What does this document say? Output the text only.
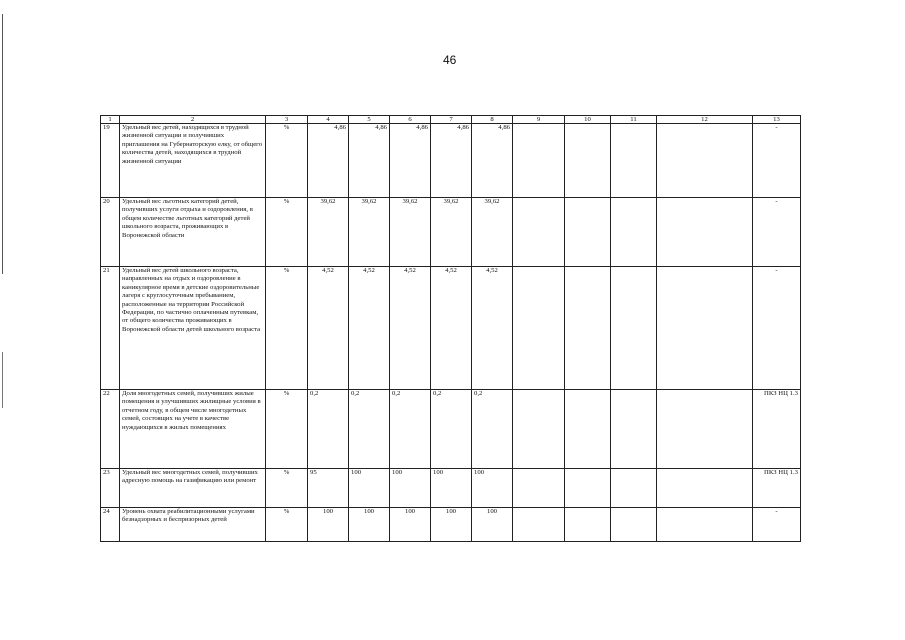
46
1	2	3	4	5	6	7	8	9	10	11	12	13
19	Удельный вес детей, находящихся в трудной жизненной ситуации и получивших приглашения на Губернаторскую елку, от общего количества детей, находящихся в трудной жизненной ситуации	%	4,86	4,86	4,86	4,86	4,86					-
20	Удельный вес льготных категорий детей, получивших услуги отдыха и оздоровления, в общем количестве льготных категорий детей школьного возраста, проживающих в Воронежской области	%	39,62	39,62	39,62	39,62	39,62					-
21	Удельный вес детей школьного возраста, направленных на отдых и оздоровление в каникулярное время в детские оздоровительные лагеря с круглосуточным пребыванием, расположенные на территории Российской Федерации, по частично оплаченным путевкам, от общего количества проживающих в Воронежской области детей школьного возраста	%	4,52	4,52	4,52	4,52	4,52					-
22	Доля многодетных семей, получивших жилые помещения и улучшивших жилищные условия в отчетном году, в общем числе многодетных семей, состоящих на учете в качестве нуждающихся в жилых помещениях	%	0,2	0,2	0,2	0,2	0,2					ПКЗ НЦ 1.3
23	Удельный вес многодетных семей, получивших адресную помощь на газификацию или ремонт	%	95	100	100	100	100					ПКЗ НЦ 1.3
24	Уровень охвата реабилитационными услугами безнадзорных и беспризорных детей	%	100	100	100	100	100					-
